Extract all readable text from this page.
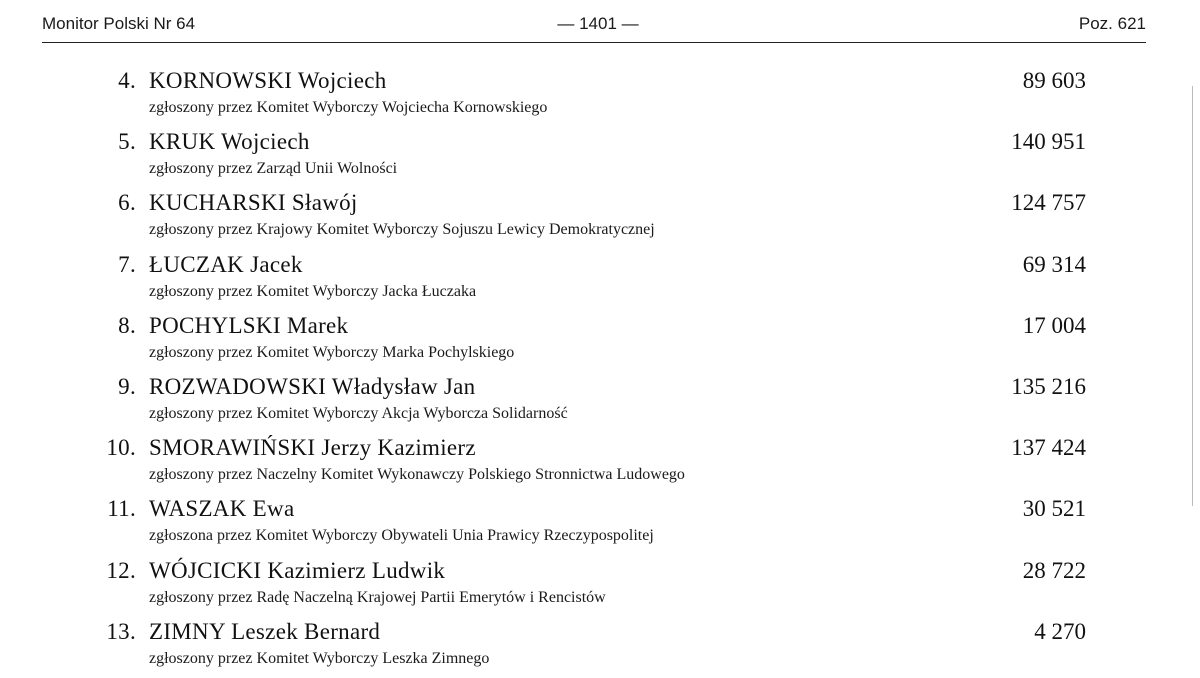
Monitor Polski Nr 64	— 1401 —	Poz. 621
4. KORNOWSKI Wojciech	89 603
zgłoszony przez Komitet Wyborczy Wojciecha Kornowskiego
5. KRUK Wojciech	140 951
zgłoszony przez Zarząd Unii Wolności
6. KUCHARSKI Sławój	124 757
zgłoszony przez Krajowy Komitet Wyborczy Sojuszu Lewicy Demokratycznej
7. ŁUCZAK Jacek	69 314
zgłoszony przez Komitet Wyborczy Jacka Łuczaka
8. POCHYLSKI Marek	17 004
zgłoszony przez Komitet Wyborczy Marka Pochylskiego
9. ROZWADOWSKI Władysław Jan	135 216
zgłoszony przez Komitet Wyborczy Akcja Wyborcza Solidarność
10. SMORAWIŃSKI Jerzy Kazimierz	137 424
zgłoszony przez Naczelny Komitet Wykonawczy Polskiego Stronnictwa Ludowego
11. WASZAK Ewa	30 521
zgłoszona przez Komitet Wyborczy Obywateli Unia Prawicy Rzeczypospolitej
12. WÓJCICKI Kazimierz Ludwik	28 722
zgłoszony przez Radę Naczelną Krajowej Partii Emerytów i Rencistów
13. ZIMNY Leszek Bernard	4 270
zgłoszony przez Komitet Wyborczy Leszka Zimnego
